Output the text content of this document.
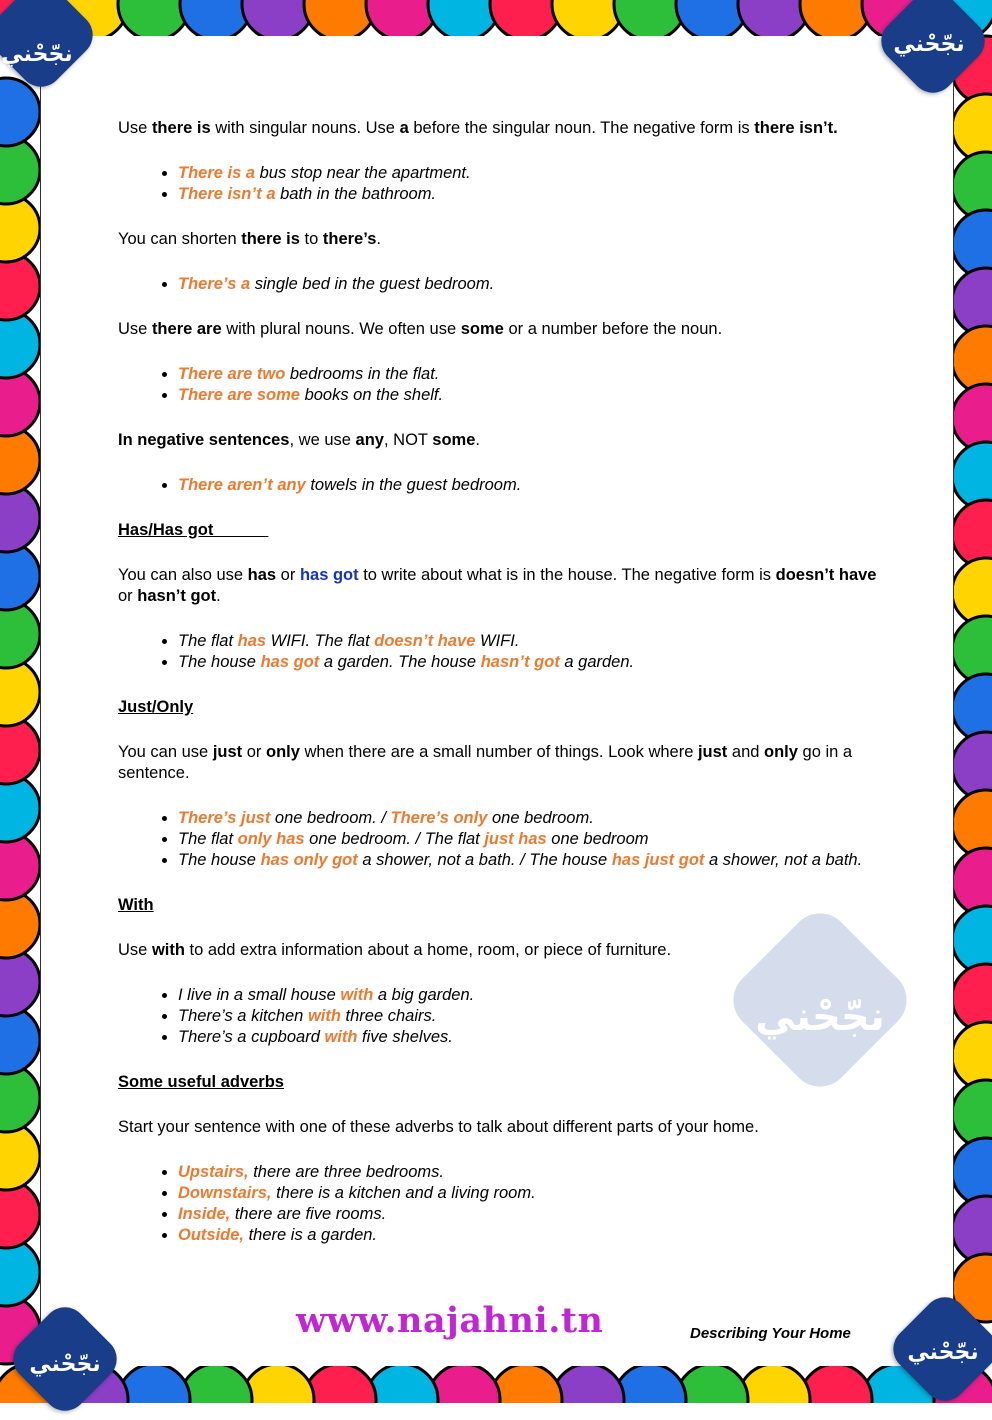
نجّحْني
Use there is with singular nouns. Use a before the singular noun. The negative form is there isn’t.
• There is a bus stop near the apartment.
• There isn’t a bath in the bathroom.
You can shorten there is to there’s.
• There’s a single bed in the guest bedroom.
Use there are with plural nouns. We often use some or a number before the noun.
• There are two bedrooms in the flat.
• There are some books on the shelf.
In negative sentences, we use any, NOT some.
• There aren’t any towels in the guest bedroom.
Has/Has got
You can also use has or has got to write about what is in the house. The negative form is doesn’t have or hasn’t got.
• The flat has WIFI. The flat doesn’t have WIFI.
• The house has got a garden. The house hasn’t got a garden.
Just/Only
You can use just or only when there are a small number of things. Look where just and only go in a sentence.
• There’s just one bedroom. / There’s only one bedroom.
• The flat only has one bedroom. / The flat just has one bedroom
• The house has only got a shower, not a bath. / The house has just got a shower, not a bath.
With
Use with to add extra information about a home, room, or piece of furniture.
• I live in a small house with a big garden.
• There’s a kitchen with three chairs.
• There’s a cupboard with five shelves.
Some useful adverbs
Start your sentence with one of these adverbs to talk about different parts of your home.
• Upstairs, there are three bedrooms.
• Downstairs, there is a kitchen and a living room.
• Inside, there are five rooms.
• Outside, there is a garden.
نجّحْني	نجّحْني
نجّحْني	نجّحْني
www.najahni.tn	Describing Your Home
